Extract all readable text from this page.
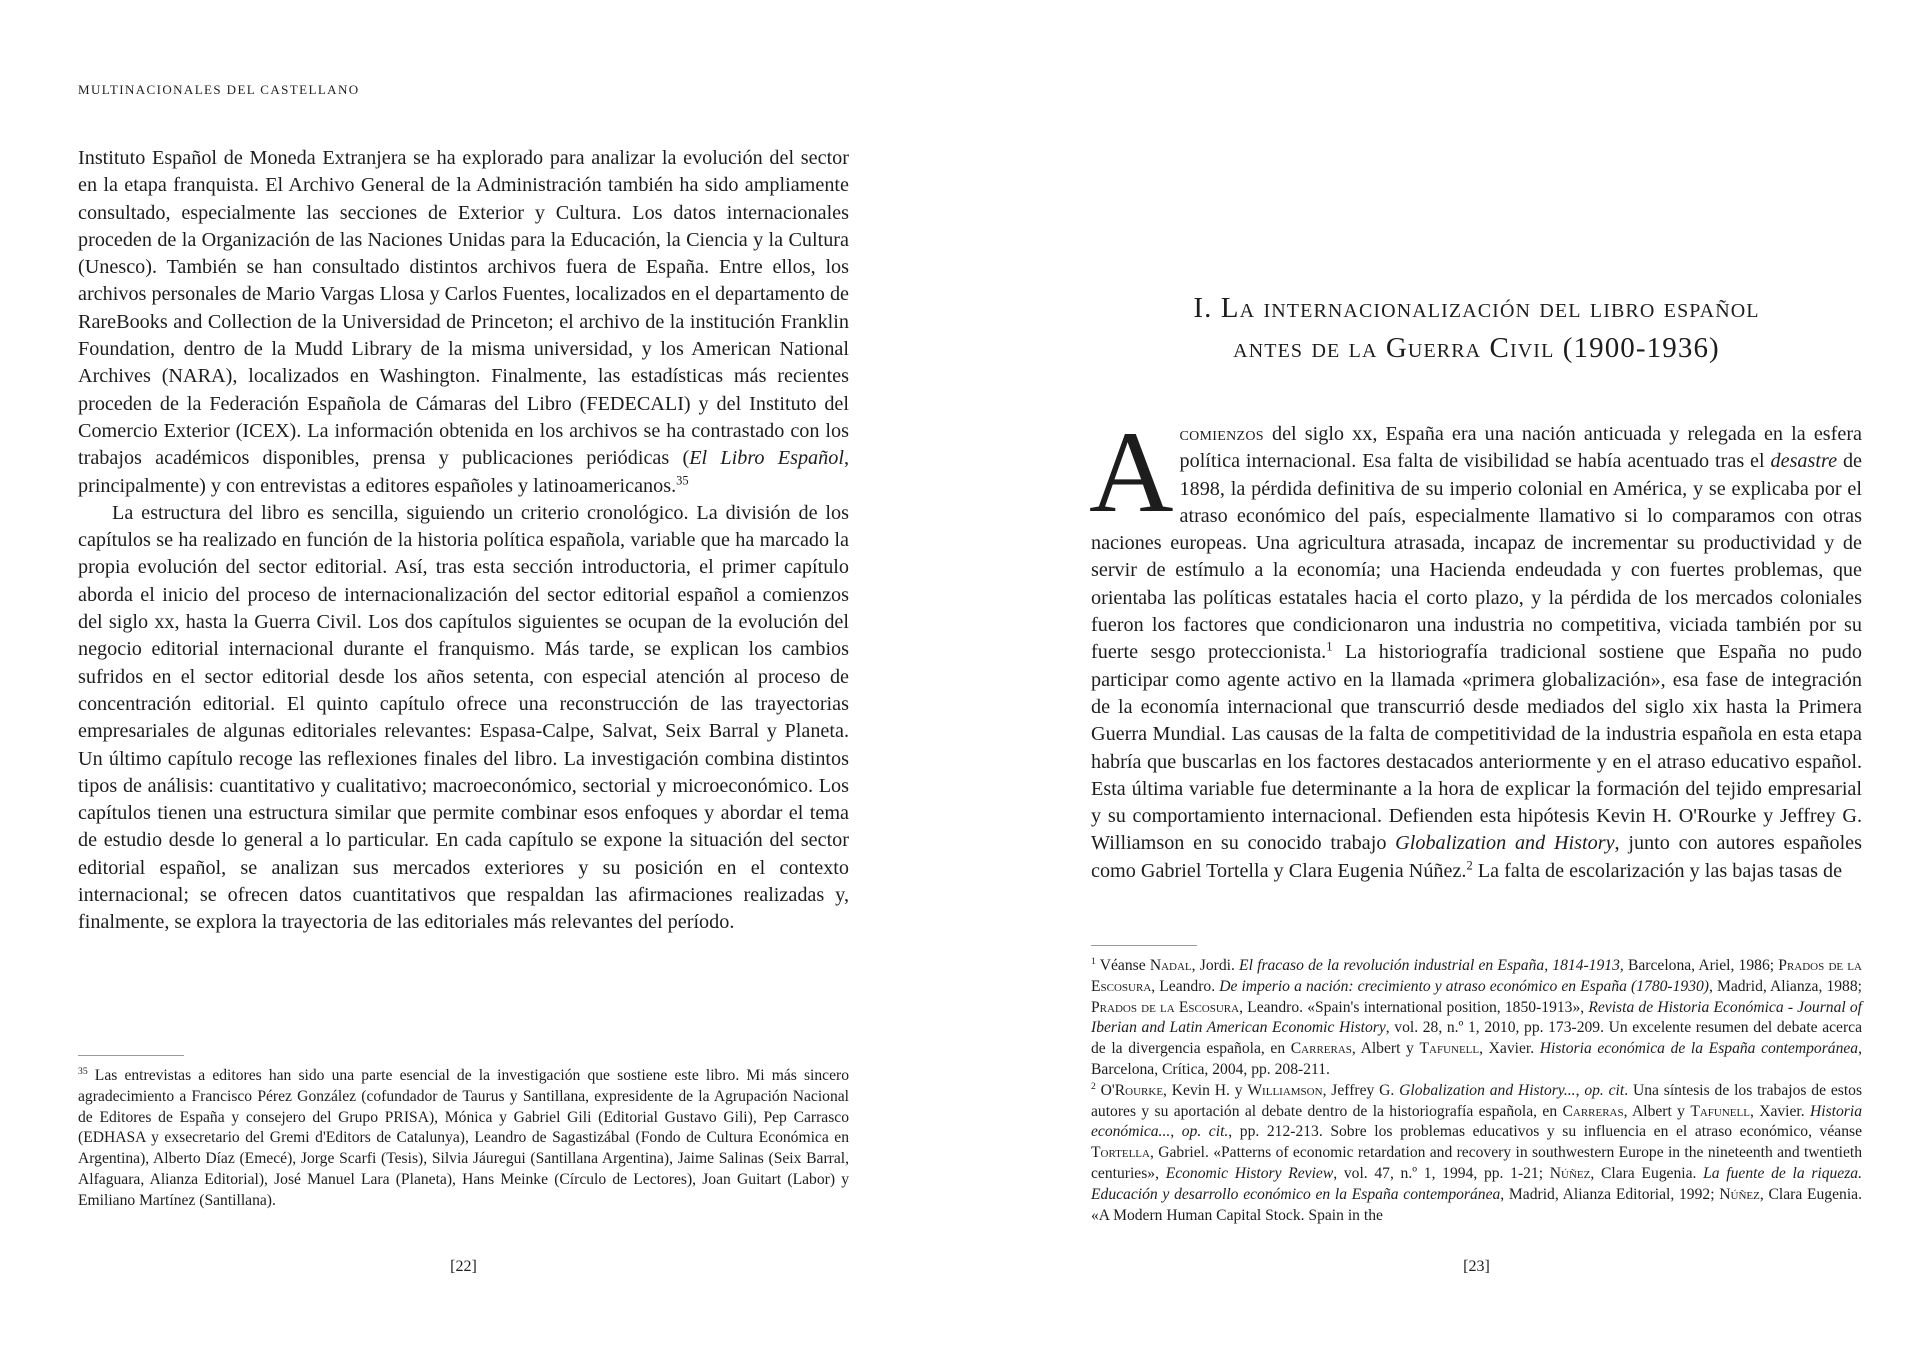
MULTINACIONALES DEL CASTELLANO

Instituto Español de Moneda Extranjera se ha explorado para analizar la evolución del sector en la etapa franquista. El Archivo General de la Administración también ha sido ampliamente consultado, especialmente las secciones de Exterior y Cultura. Los datos internacionales proceden de la Organización de las Naciones Unidas para la Educación, la Ciencia y la Cultura (Unesco). También se han consultado distintos archivos fuera de España. Entre ellos, los archivos personales de Mario Vargas Llosa y Carlos Fuentes, localizados en el departamento de RareBooks and Collection de la Universidad de Princeton; el archivo de la institución Franklin Foundation, dentro de la Mudd Library de la misma universidad, y los American National Archives (NARA), localizados en Washington. Finalmente, las estadísticas más recientes proceden de la Federación Española de Cámaras del Libro (FEDECALI) y del Instituto del Comercio Exterior (ICEX). La información obtenida en los archivos se ha contrastado con los trabajos académicos disponibles, prensa y publicaciones periódicas (El Libro Español, principalmente) y con entrevistas a editores españoles y latinoamericanos.$^{35}$

La estructura del libro es sencilla, siguiendo un criterio cronológico. La división de los capítulos se ha realizado en función de la historia política española, variable que ha marcado la propia evolución del sector editorial. Así, tras esta sección introductoria, el primer capítulo aborda el inicio del proceso de internacionalización del sector editorial español a comienzos del siglo xx, hasta la Guerra Civil. Los dos capítulos siguientes se ocupan de la evolución del negocio editorial internacional durante el franquismo. Más tarde, se explican los cambios sufridos en el sector editorial desde los años setenta, con especial atención al proceso de concentración editorial. El quinto capítulo ofrece una reconstrucción de las trayectorias empresariales de algunas editoriales relevantes: Espasa-Calpe, Salvat, Seix Barral y Planeta. Un último capítulo recoge las reflexiones finales del libro. La investigación combina distintos tipos de análisis: cuantitativo y cualitativo; macroeconómico, sectorial y microeconómico. Los capítulos tienen una estructura similar que permite combinar esos enfoques y abordar el tema de estudio desde lo general a lo particular. En cada capítulo se expone la situación del sector editorial español, se analizan sus mercados exteriores y su posición en el contexto internacional; se ofrecen datos cuantitativos que respaldan las afirmaciones realizadas y, finalmente, se explora la trayectoria de las editoriales más relevantes del período.

$^{35}$ Las entrevistas a editores han sido una parte esencial de la investigación que sostiene este libro. Mi más sincero agradecimiento a Francisco Pérez González (cofundador de Taurus y Santillana, expresidente de la Agrupación Nacional de Editores de España y consejero del Grupo PRISA), Mónica y Gabriel Gili (Editorial Gustavo Gili), Pep Carrasco (EDHASA y exsecretario del Gremi d'Editors de Catalunya), Leandro de Sagastizábal (Fondo de Cultura Económica en Argentina), Alberto Díaz (Emecé), Jorge Scarfi (Tesis), Silvia Jáuregui (Santillana Argentina), Jaime Salinas (Seix Barral, Alfaguara, Alianza Editorial), José Manuel Lara (Planeta), Hans Meinke (Círculo de Lectores), Joan Guitart (Labor) y Emiliano Martínez (Santillana).

[22]
I. La internacionalización del libro español
antes de la Guerra Civil (1900-1936)

Acomienzos del siglo xx, España era una nación anticuada y relegada en la esfera política internacional. Esa falta de visibilidad se había acentuado tras el desastre de 1898, la pérdida definitiva de su imperio colonial en América, y se explicaba por el atraso económico del país, especialmente llamativo si lo comparamos con otras naciones europeas. Una agricultura atrasada, incapaz de incrementar su productividad y de servir de estímulo a la economía; una Hacienda endeudada y con fuertes problemas, que orientaba las políticas estatales hacia el corto plazo, y la pérdida de los mercados coloniales fueron los factores que condicionaron una industria no competitiva, viciada también por su fuerte sesgo proteccionista.$^1$ La historiografía tradicional sostiene que España no pudo participar como agente activo en la llamada «primera globalización», esa fase de integración de la economía internacional que transcurrió desde mediados del siglo xix hasta la Primera Guerra Mundial. Las causas de la falta de competitividad de la industria española en esta etapa habría que buscarlas en los factores destacados anteriormente y en el atraso educativo español. Esta última variable fue determinante a la hora de explicar la formación del tejido empresarial y su comportamiento internacional. Defienden esta hipótesis Kevin H. O'Rourke y Jeffrey G. Williamson en su conocido trabajo Globalization and History, junto con autores españoles como Gabriel Tortella y Clara Eugenia Núñez.$^2$ La falta de escolarización y las bajas tasas de

$^1$ Véanse Nadal, Jordi. El fracaso de la revolución industrial en España, 1814-1913, Barcelona, Ariel, 1986; Prados de la Escosura, Leandro. De imperio a nación: crecimiento y atraso económico en España (1780-1930), Madrid, Alianza, 1988; Prados de la Escosura, Leandro. «Spain's international position, 1850-1913», Revista de Historia Económica - Journal of Iberian and Latin American Economic History, vol. 28, n.º 1, 2010, pp. 173-209. Un excelente resumen del debate acerca de la divergencia española, en Carreras, Albert y Tafunell, Xavier. Historia económica de la España contemporánea, Barcelona, Crítica, 2004, pp. 208-211.

$^2$ O'Rourke, Kevin H. y Williamson, Jeffrey G. Globalization and History..., op. cit. Una síntesis de los trabajos de estos autores y su aportación al debate dentro de la historiografía española, en Carreras, Albert y Tafunell, Xavier. Historia económica..., op. cit., pp. 212-213. Sobre los problemas educativos y su influencia en el atraso económico, véanse Tortella, Gabriel. «Patterns of economic retardation and recovery in southwestern Europe in the nineteenth and twentieth centuries», Economic History Review, vol. 47, n.º 1, 1994, pp. 1-21; Núñez, Clara Eugenia. La fuente de la riqueza. Educación y desarrollo económico en la España contemporánea, Madrid, Alianza Editorial, 1992; Núñez, Clara Eugenia. «A Modern Human Capital Stock. Spain in the

[23]
